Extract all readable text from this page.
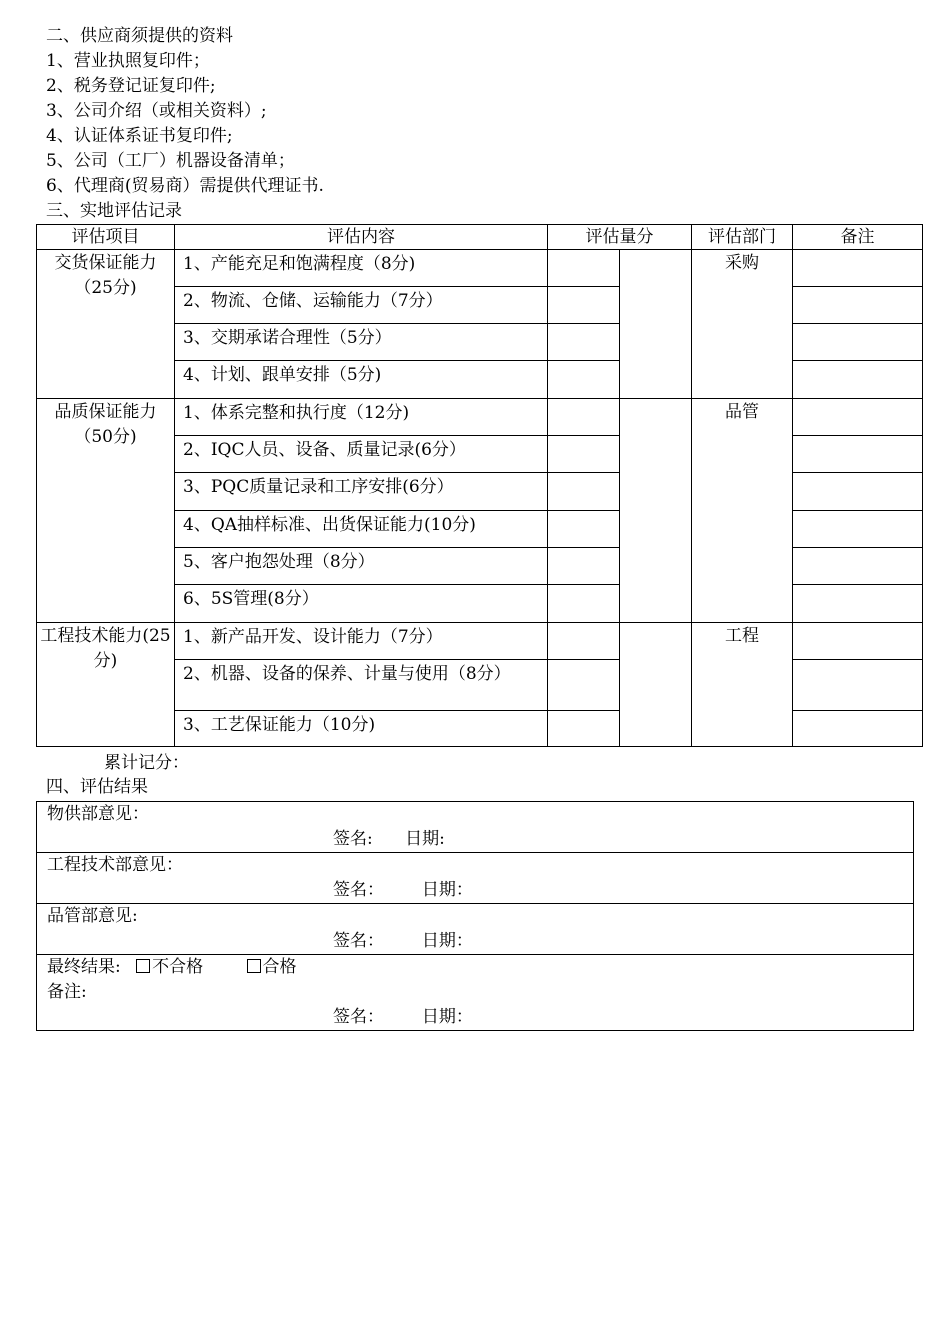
二、供应商须提供的资料
1、营业执照复印件；
2、税务登记证复印件;
3、公司介绍（或相关资料）;
4、认证体系证书复印件;
5、公司（工厂）机器设备清单；
6、代理商(贸易商）需提供代理证书.
三、实地评估记录
评估项目	评估内容	评估量分		评估部门	备注
交货保证能力（25分)	1、产能充足和饱满程度（8分)			采购	
	2、物流、仓储、运输能力（7分）				
	3、交期承诺合理性（5分）				
	4、计划、跟单安排（5分)				
品质保证能力（50分)	1、体系完整和执行度（12分)			品管	
	2、IQC人员、设备、质量记录(6分）				
	3、PQC质量记录和工序安排(6分）				
	4、QA抽样标准、出货保证能力(10分)				
	5、客户抱怨处理（8分）				
	6、5S管理(8分）				
工程技术能力(25分)	1、新产品开发、设计能力（7分）			工程	
	2、机器、设备的保养、计量与使用（8分）				
	3、工艺保证能力（10分)				
累计记分：
四、评估结果
物供部意见：
签名: 日期:

工程技术部意见：
签名： 日期：

品管部意见:
签名： 日期：

最终结果: 不合格	合格
备注:
签名： 日期：
